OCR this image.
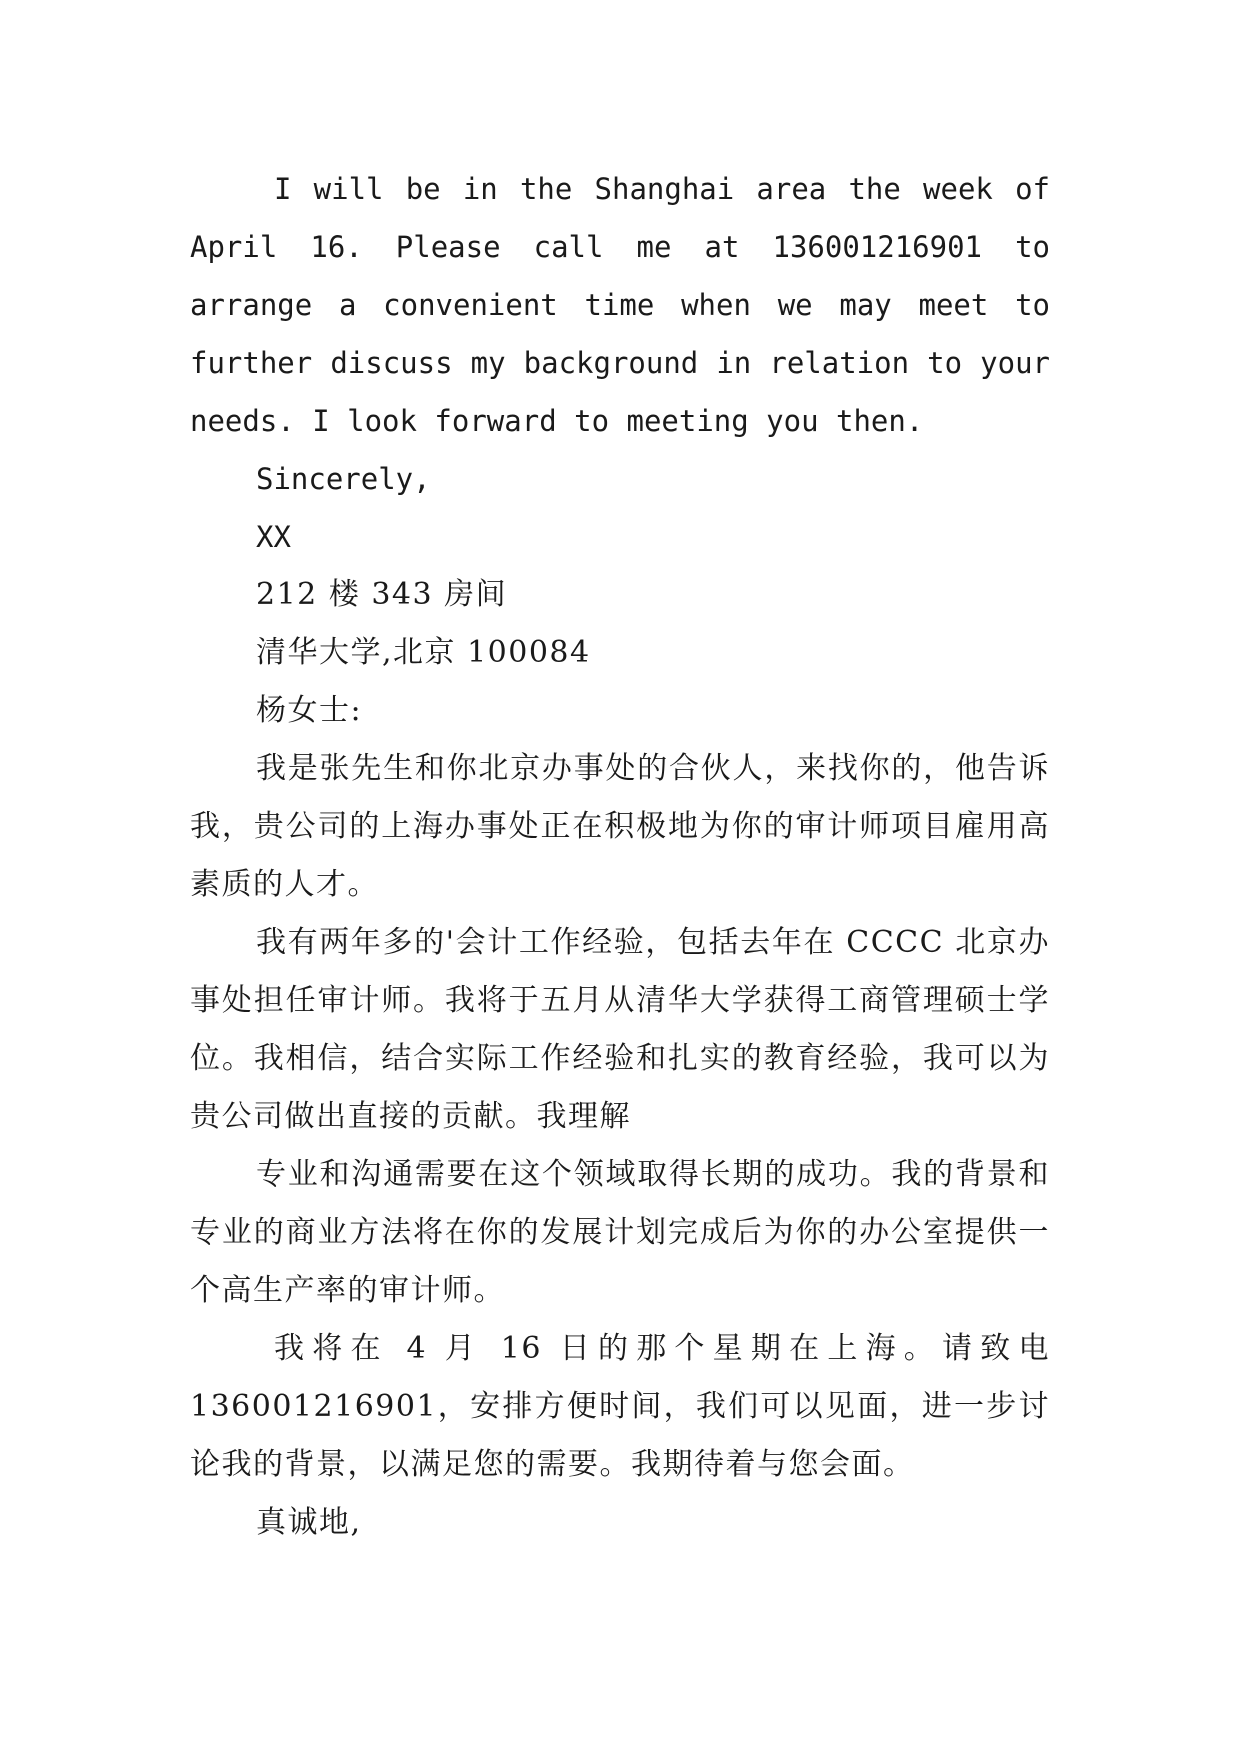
I will be in the Shanghai area the week of April 16. Please call me at 136001216901 to arrange a convenient time when we may meet to further discuss my background in relation to your needs. I look forward to meeting you then.

Sincerely,
XX
212 楼 343 房间
清华大学,北京 100084
杨女士:

我是张先生和你北京办事处的合伙人，来找你的，他告诉我，贵公司的上海办事处正在积极地为你的审计师项目雇用高素质的人才。

我有两年多的'会计工作经验，包括去年在 CCCC 北京办事处担任审计师。我将于五月从清华大学获得工商管理硕士学位。我相信，结合实际工作经验和扎实的教育经验，我可以为贵公司做出直接的贡献。我理解

专业和沟通需要在这个领域取得长期的成功。我的背景和专业的商业方法将在你的发展计划完成后为你的办公室提供一个高生产率的审计师。

我将在 4 月 16 日的那个星期在上海。请致电 136001216901，安排方便时间，我们可以见面，进一步讨论我的背景，以满足您的需要。我期待着与您会面。

真诚地,
